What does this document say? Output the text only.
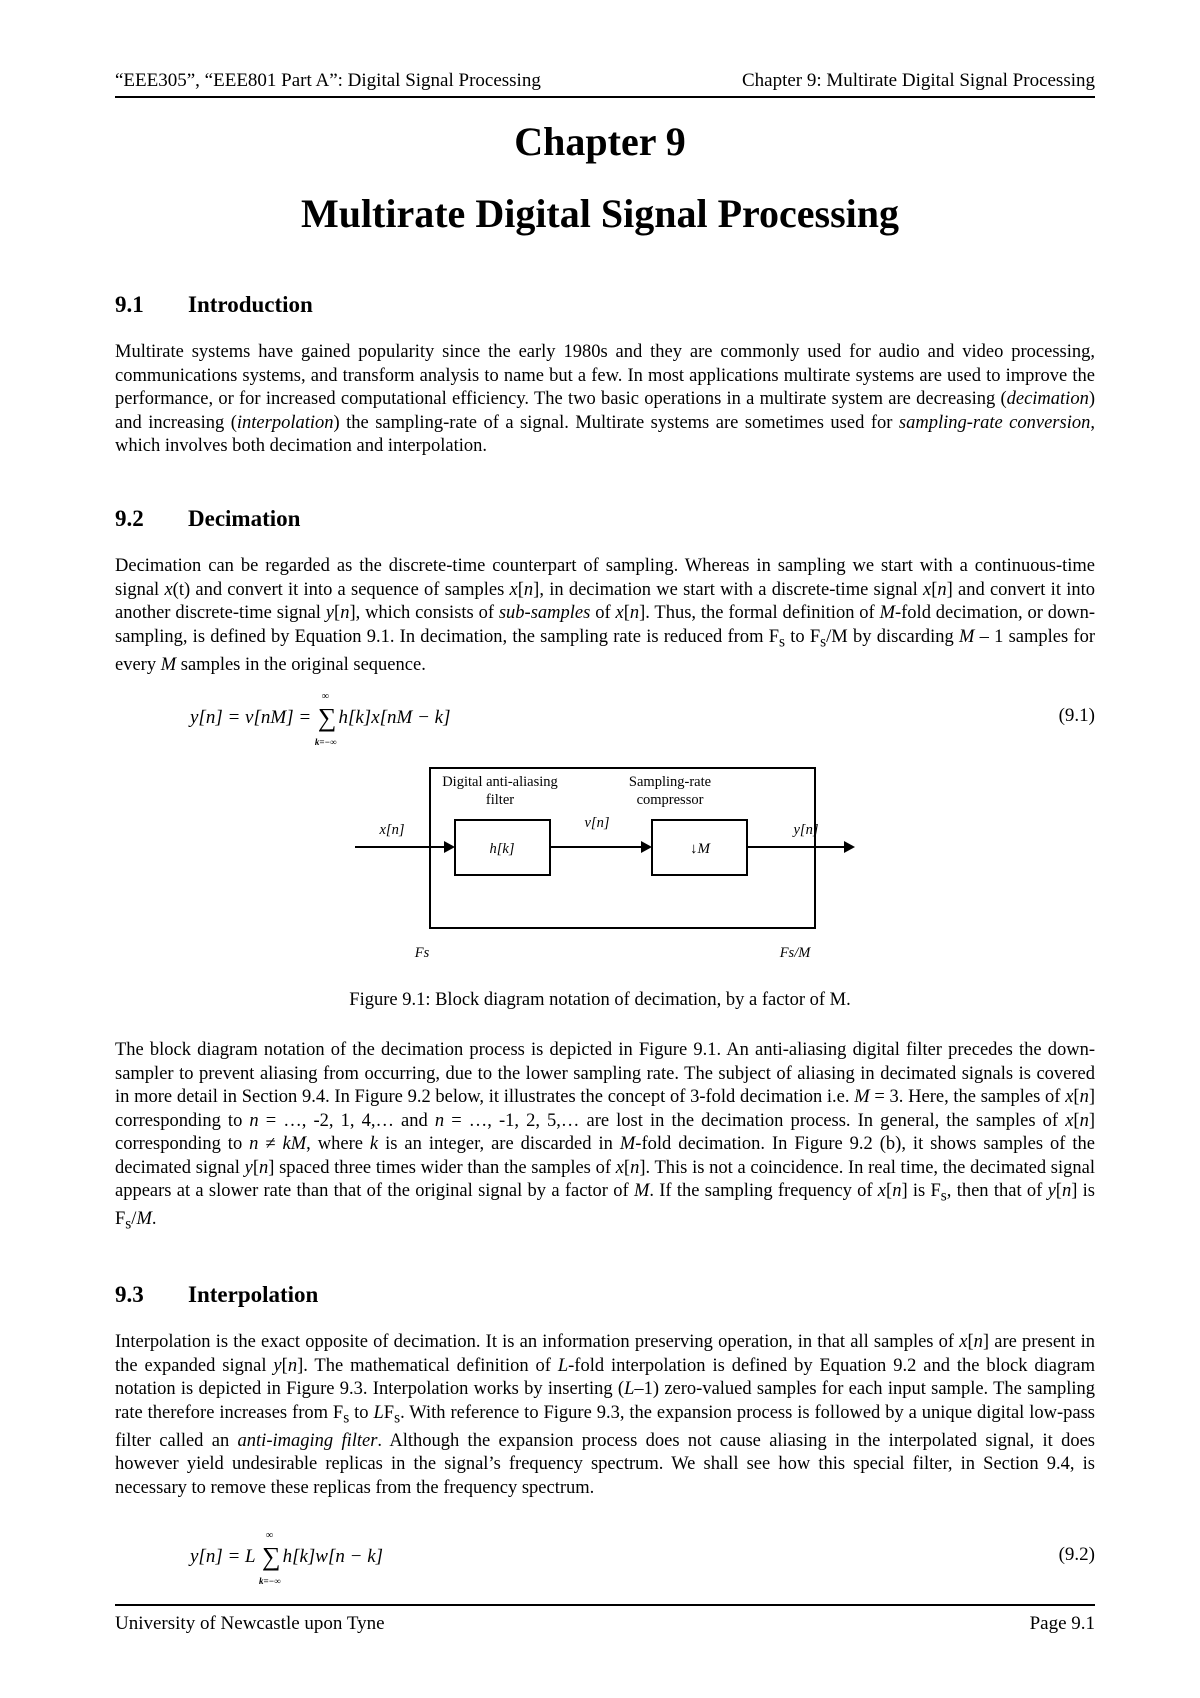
“EEE305”, “EEE801 Part A”: Digital Signal Processing	Chapter 9: Multirate Digital Signal Processing
Chapter 9
Multirate Digital Signal Processing
9.1 Introduction
Multirate systems have gained popularity since the early 1980s and they are commonly used for audio and video processing, communications systems, and transform analysis to name but a few. In most applications multirate systems are used to improve the performance, or for increased computational efficiency. The two basic operations in a multirate system are decreasing (decimation) and increasing (interpolation) the sampling-rate of a signal. Multirate systems are sometimes used for sampling-rate conversion, which involves both decimation and interpolation.
9.2 Decimation
Decimation can be regarded as the discrete-time counterpart of sampling. Whereas in sampling we start with a continuous-time signal x(t) and convert it into a sequence of samples x[n], in decimation we start with a discrete-time signal x[n] and convert it into another discrete-time signal y[n], which consists of sub-samples of x[n]. Thus, the formal definition of M-fold decimation, or down-sampling, is defined by Equation 9.1. In decimation, the sampling rate is reduced from $F_s$ to $F_s/M$ by discarding M – 1 samples for every M samples in the original sequence.
y[n] = v[nM] = ∑
∞
k=−∞
h[k]x[nM − k]	(9.1)
Digital anti-aliasing
filter
Sampling-rate
compressor
h[k]	↓M
x[n]	v[n]	y[n]
Fs	Fs/M
Figure 9.1: Block diagram notation of decimation, by a factor of M.
The block diagram notation of the decimation process is depicted in Figure 9.1. An anti-aliasing digital filter precedes the down-sampler to prevent aliasing from occurring, due to the lower sampling rate. The subject of aliasing in decimated signals is covered in more detail in Section 9.4. In Figure 9.2 below, it illustrates the concept of 3-fold decimation i.e. M = 3. Here, the samples of x[n] corresponding to n = …, -2, 1, 4,… and n = …, -1, 2, 5,… are lost in the decimation process. In general, the samples of x[n] corresponding to n ≠ kM, where k is an integer, are discarded in M-fold decimation. In Figure 9.2 (b), it shows samples of the decimated signal y[n] spaced three times wider than the samples of x[n]. This is not a coincidence. In real time, the decimated signal appears at a slower rate than that of the original signal by a factor of M. If the sampling frequency of x[n] is $F_s$, then that of y[n] is $F_s/M$.
9.3 Interpolation
Interpolation is the exact opposite of decimation. It is an information preserving operation, in that all samples of x[n] are present in the expanded signal y[n]. The mathematical definition of L-fold interpolation is defined by Equation 9.2 and the block diagram notation is depicted in Figure 9.3. Interpolation works by inserting (L–1) zero-valued samples for each input sample. The sampling rate therefore increases from $F_s$ to $LF_s$. With reference to Figure 9.3, the expansion process is followed by a unique digital low-pass filter called an anti-imaging filter. Although the expansion process does not cause aliasing in the interpolated signal, it does however yield undesirable replicas in the signal’s frequency spectrum. We shall see how this special filter, in Section 9.4, is necessary to remove these replicas from the frequency spectrum.
y[n] = L ∑
∞
k=−∞
h[k]w[n − k]	(9.2)
University of Newcastle upon Tyne	Page 9.1
